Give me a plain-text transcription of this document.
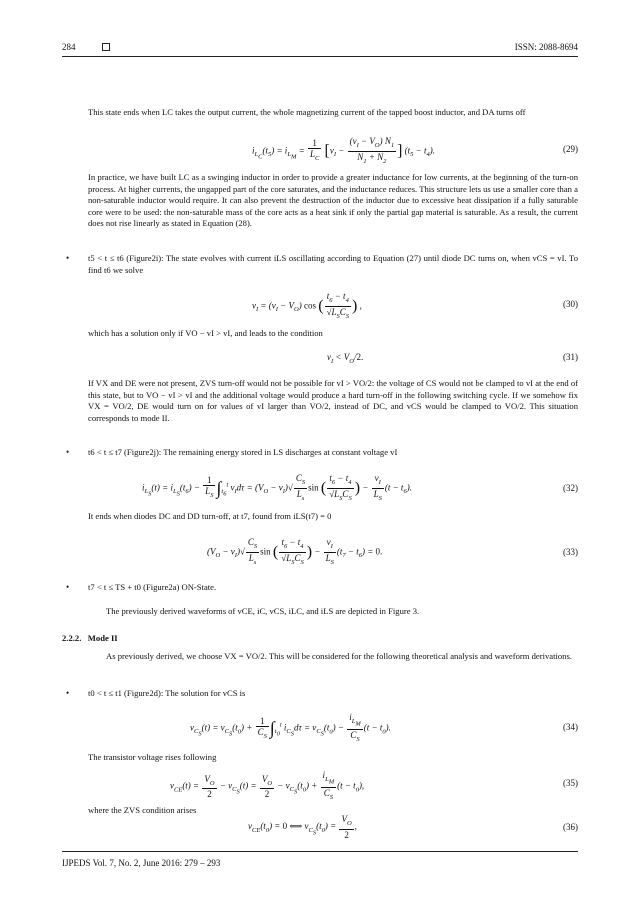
284	ISSN: 2088-8694
This state ends when LC takes the output current, the whole magnetizing current of the tapped boost inductor, and DA turns off
$i_{L_C}(t_5) = i_{L_M} = \frac{1}{L_C} [v_I - \frac{(v_I - V_O) N_1}{N_1 + N_2}$ ] $(t_5 - t_4)$.	(29)
In practice, we have built LC as a swinging inductor in order to provide a greater inductance for low currents, at the beginning of the turn-on process. At higher currents, the ungapped part of the core saturates, and the inductance reduces. This structure lets us use a smaller core than a non-saturable inductor would require. It can also prevent the destruction of the inductor due to excessive heat dissipation if a fully saturable core were to be used: the non-saturable mass of the core acts as a heat sink if only the partial gap material is saturable. As a result, the current does not rise linearly as stated in Equation (28).
• t5 < t ≤ t6 (Figure2i): The state evolves with current iLS oscillating according to Equation (27) until diode DC turns on, when vCS = vI. To find t6 we solve
$v_I = (v_I - V_O)$ cos ( $\frac{t_6 - t_4}{√L_SC_S}$ ) ,	(30)
which has a solution only if VO − vI > vI, and leads to the condition
$v_I < V_O/2$.	(31)
If VX and DE were not present, ZVS turn-off would not be possible for vI > VO/2: the voltage of CS would not be clamped to vI at the end of this state, but to VO − vI > vI and the additional voltage would produce a hard turn-off in the following switching cycle. If we somehow fix VX = VO/2, DE would turn on for values of vI larger than VO/2, instead of DC, and vCS would be clamped to VO/2. This situation corresponds to mode II.
• t6 < t ≤ t7 (Figure2j): The remaining energy stored in LS discharges at constant voltage vI
$i_{L_S}(t) = i_{L_S}(t_6) - \frac{1}{L_S} \int_{t_6}^t$ $v_Id\tau = (V_O - v_I)√ \frac{C_S}{L_s}$ sin ( $\frac{t_6 - t_4}{√L_SC_S}$ ) − $\frac{v_I}{L_S} (t - t_6)$.	(32)
It ends when diodes DC and DD turn-off, at t7, found from iLS(t7) = 0
$(V_O - v_I)√ \frac{C_S}{L_s}$ sin ( $\frac{t_6 - t_4}{√L_SC_S}$ ) − $\frac{v_I}{L_S} (t_7 - t_6) = 0$.	(33)
• t7 < t ≤ TS + t0 (Figure2a) ON-State.
The previously derived waveforms of vCE, iC, vCS, iLC, and iLS are depicted in Figure 3.
2.2.2. Mode II
As previously derived, we choose VX = VO/2. This will be considered for the following theoretical analysis and waveform derivations.
• t0 < t ≤ t1 (Figure2d): The solution for vCS is
$v_{C_S}(t) = v_{C_S}(t_0) + \frac{1}{C_S} \int_{t_0}^t$ $i_{C_S}d\tau = v_{C_S}(t_0) - \frac{i_{L_M}}{C_S} (t - t_0)$.	(34)
The transistor voltage rises following
$v_{CE}(t) = \frac{V_O}{2} - v_{C_S}(t) = \frac{V_O}{2} - v_{C_S}(t_0) + \frac{i_{L_M}}{C_S} (t - t_0)$,	(35)
where the ZVS condition arises
$v_{CE}(t_0) = 0$ ⟺ $v_{C_S}(t_0) = \frac{V_O}{2}$ ,	(36)
IJPEDS Vol. 7, No. 2, June 2016: 279 – 293
